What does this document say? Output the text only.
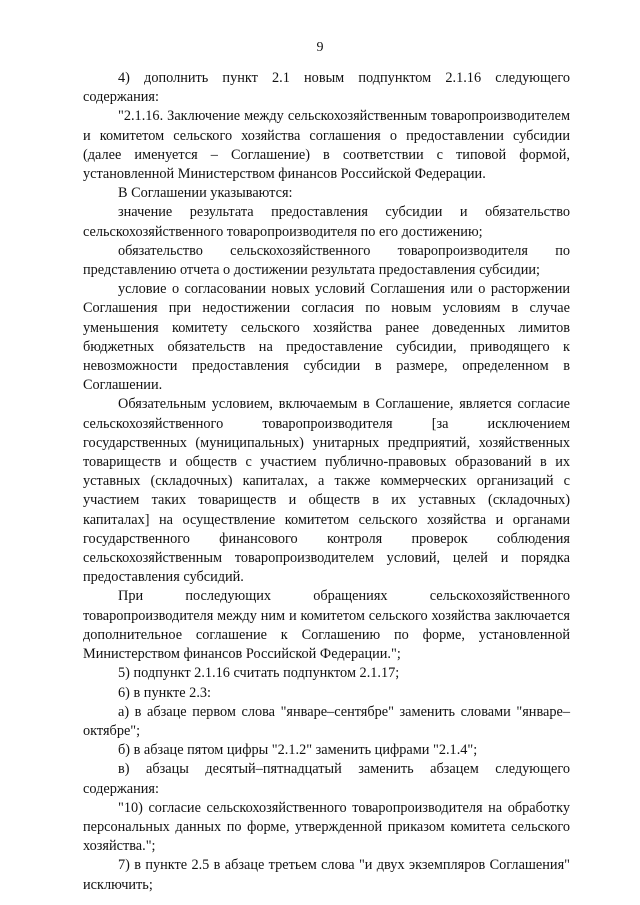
9

4) дополнить пункт 2.1 новым подпунктом 2.1.16 следующего содержания:

"2.1.16. Заключение между сельскохозяйственным товаропроизводителем и комитетом сельского хозяйства соглашения о предоставлении субсидии (далее именуется – Соглашение) в соответствии с типовой формой, установленной Министерством финансов Российской Федерации.

В Соглашении указываются:

значение результата предоставления субсидии и обязательство сельскохозяйственного товаропроизводителя по его достижению;

обязательство сельскохозяйственного товаропроизводителя по представлению отчета о достижении результата предоставления субсидии;

условие о согласовании новых условий Соглашения или о расторжении Соглашения при недостижении согласия по новым условиям в случае уменьшения комитету сельского хозяйства ранее доведенных лимитов бюджетных обязательств на предоставление субсидии, приводящего к невозможности предоставления субсидии в размере, определенном в Соглашении.

Обязательным условием, включаемым в Соглашение, является согласие сельскохозяйственного товаропроизводителя [за исключением государственных (муниципальных) унитарных предприятий, хозяйственных товариществ и обществ с участием публично-правовых образований в их уставных (складочных) капиталах, а также коммерческих организаций с участием таких товариществ и обществ в их уставных (складочных) капиталах] на осуществление комитетом сельского хозяйства и органами государственного финансового контроля проверок соблюдения сельскохозяйственным товаропроизводителем условий, целей и порядка предоставления субсидий.

При последующих обращениях сельскохозяйственного товаропроизводителя между ним и комитетом сельского хозяйства заключается дополнительное соглашение к Соглашению по форме, установленной Министерством финансов Российской Федерации.";

5) подпункт 2.1.16 считать подпунктом 2.1.17;

6) в пункте 2.3:

а) в абзаце первом слова "январе–сентябре" заменить словами "январе–октябре";

б) в абзаце пятом цифры "2.1.2" заменить цифрами "2.1.4";

в) абзацы десятый–пятнадцатый заменить абзацем следующего содержания:

"10) согласие сельскохозяйственного товаропроизводителя на обработку персональных данных по форме, утвержденной приказом комитета сельского хозяйства.";

7) в пункте 2.5 в абзаце третьем слова "и двух экземпляров Соглашения" исключить;
